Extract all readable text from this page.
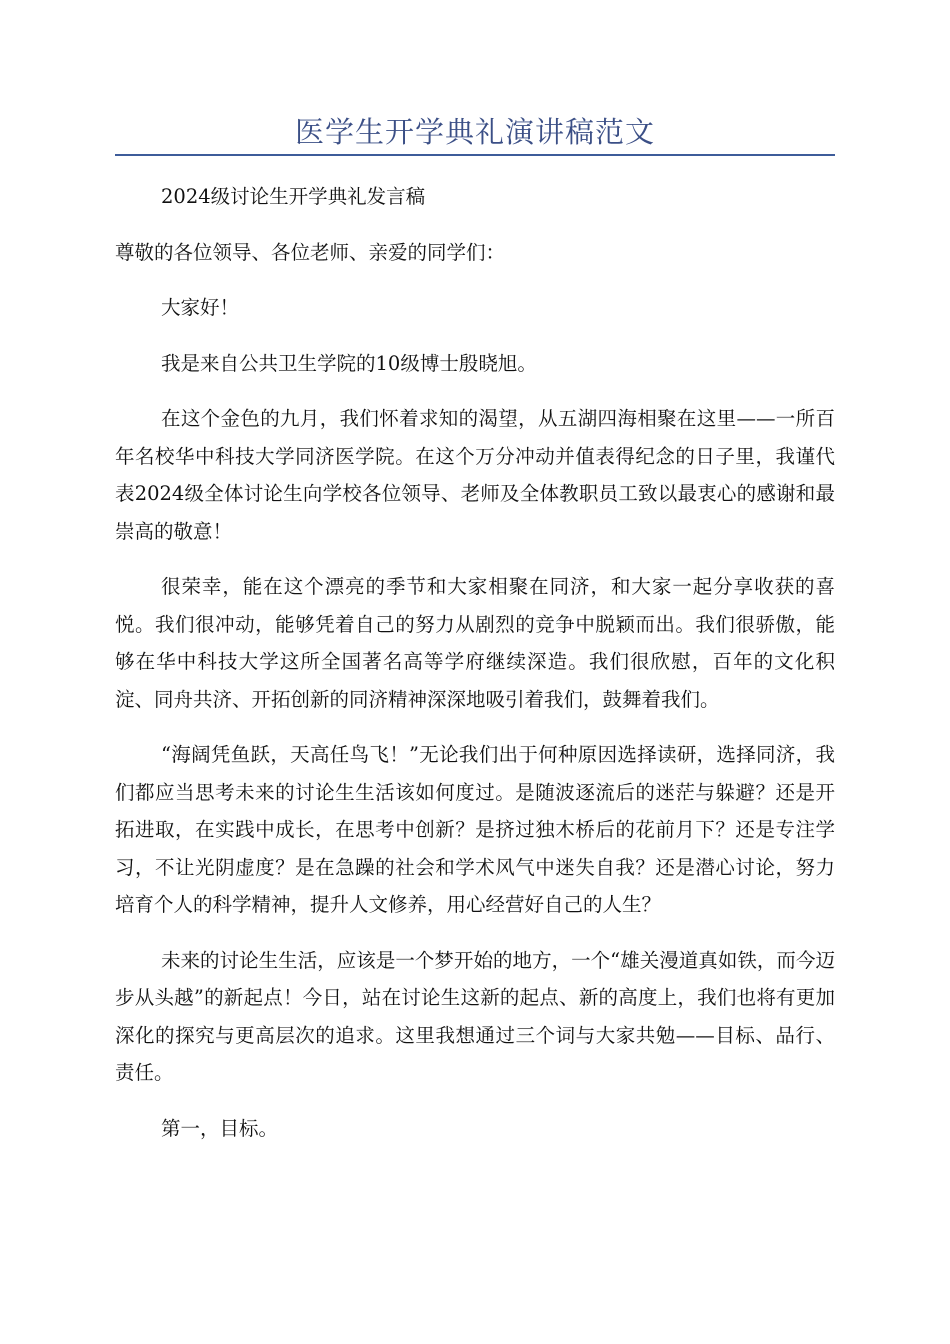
医学生开学典礼演讲稿范文

2024级讨论生开学典礼发言稿

尊敬的各位领导、各位老师、亲爱的同学们：

大家好！

我是来自公共卫生学院的10级博士殷晓旭。

在这个金色的九月，我们怀着求知的渴望，从五湖四海相聚在这里——一所百年名校华中科技大学同济医学院。在这个万分冲动并值表得纪念的日子里，我谨代表2024级全体讨论生向学校各位领导、老师及全体教职员工致以最衷心的感谢和最崇高的敬意！

很荣幸，能在这个漂亮的季节和大家相聚在同济，和大家一起分享收获的喜悦。我们很冲动，能够凭着自己的努力从剧烈的竞争中脱颖而出。我们很骄傲，能够在华中科技大学这所全国著名高等学府继续深造。我们很欣慰，百年的文化积淀、同舟共济、开拓创新的同济精神深深地吸引着我们，鼓舞着我们。

“海阔凭鱼跃，天高任鸟飞！”无论我们出于何种原因选择读研，选择同济，我们都应当思考未来的讨论生生活该如何度过。是随波逐流后的迷茫与躲避？还是开拓进取，在实践中成长，在思考中创新？是挤过独木桥后的花前月下？还是专注学习，不让光阴虚度？是在急躁的社会和学术风气中迷失自我？还是潜心讨论，努力培育个人的科学精神，提升人文修养，用心经营好自己的人生？

未来的讨论生生活，应该是一个梦开始的地方，一个“雄关漫道真如铁，而今迈步从头越”的新起点！今日，站在讨论生这新的起点、新的高度上，我们也将有更加深化的探究与更高层次的追求。这里我想通过三个词与大家共勉——目标、品行、责任。

第一，目标。
